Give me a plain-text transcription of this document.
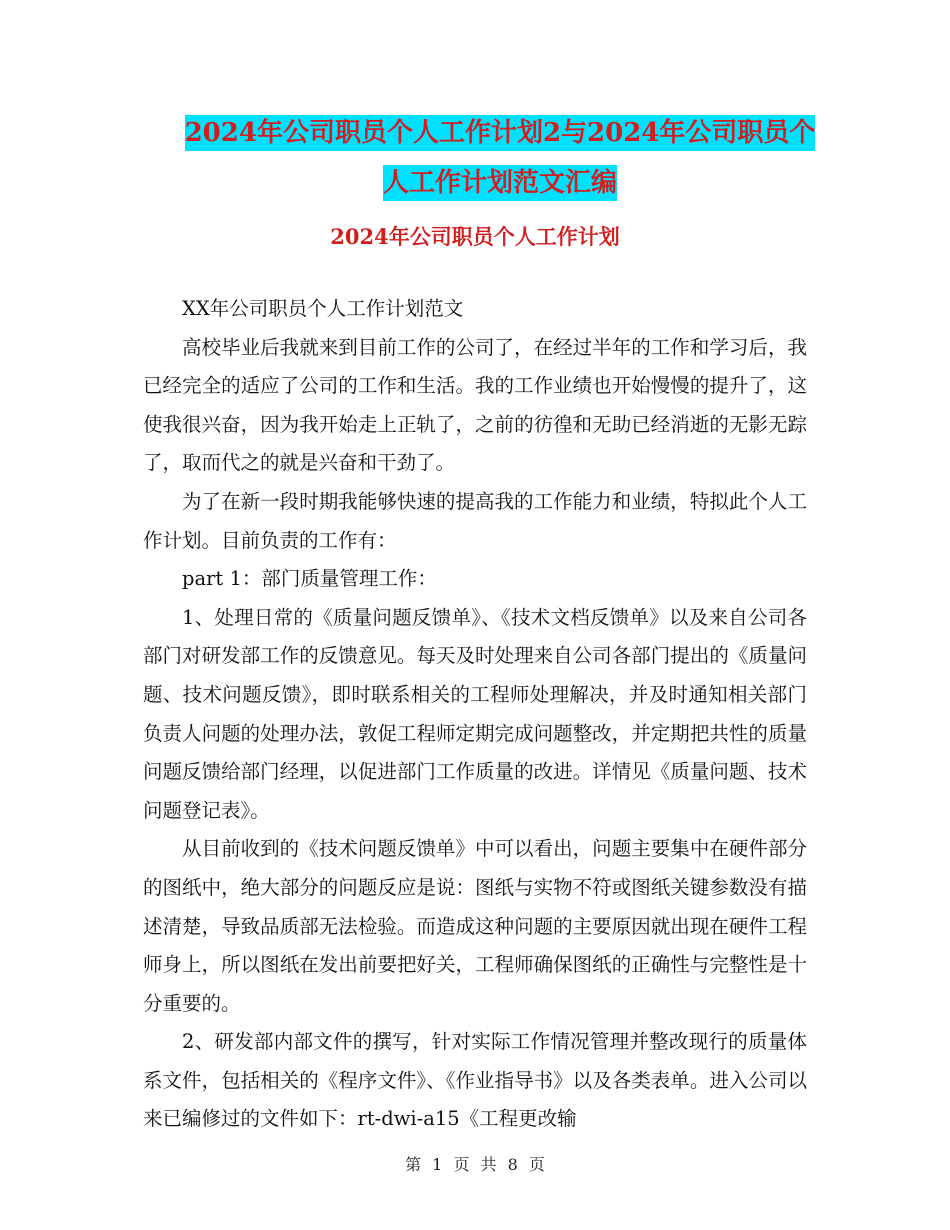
2024年公司职员个人工作计划2与2024年公司职员个
人工作计划范文汇编
2024年公司职员个人工作计划

XX年公司职员个人工作计划范文

高校毕业后我就来到目前工作的公司了，在经过半年的工作和学习后，我已经完全的适应了公司的工作和生活。我的工作业绩也开始慢慢的提升了，这使我很兴奋，因为我开始走上正轨了，之前的彷徨和无助已经消逝的无影无踪了，取而代之的就是兴奋和干劲了。

为了在新一段时期我能够快速的提高我的工作能力和业绩，特拟此个人工作计划。目前负责的工作有：

part 1：部门质量管理工作：

1、处理日常的《质量问题反馈单》、《技术文档反馈单》以及来自公司各部门对研发部工作的反馈意见。每天及时处理来自公司各部门提出的《质量问题、技术问题反馈》，即时联系相关的工程师处理解决，并及时通知相关部门负责人问题的处理办法，敦促工程师定期完成问题整改，并定期把共性的质量问题反馈给部门经理，以促进部门工作质量的改进。详情见《质量问题、技术问题登记表》。

从目前收到的《技术问题反馈单》中可以看出，问题主要集中在硬件部分的图纸中，绝大部分的问题反应是说：图纸与实物不符或图纸关键参数没有描述清楚，导致品质部无法检验。而造成这种问题的主要原因就出现在硬件工程师身上，所以图纸在发出前要把好关，工程师确保图纸的正确性与完整性是十分重要的。

2、研发部内部文件的撰写，针对实际工作情况管理并整改现行的质量体系文件，包括相关的《程序文件》、《作业指导书》以及各类表单。进入公司以来已编修过的文件如下：rt-dwi-a15《工程更改输

第 1 页 共 8 页
